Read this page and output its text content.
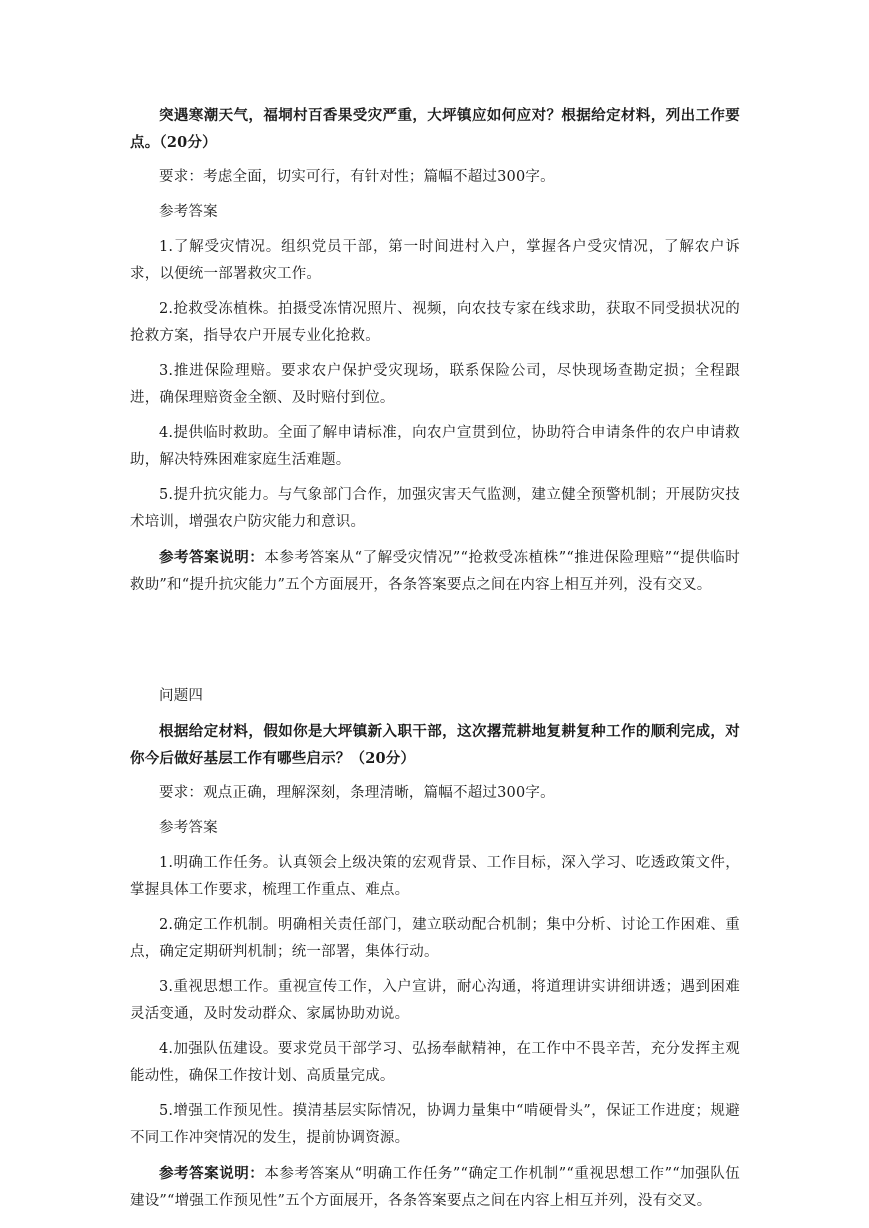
突遇寒潮天气，福垌村百香果受灾严重，大坪镇应如何应对？根据给定材料，列出工作要点。（20分）

要求：考虑全面，切实可行，有针对性；篇幅不超过300字。

参考答案

1.了解受灾情况。组织党员干部，第一时间进村入户，掌握各户受灾情况，了解农户诉求，以便统一部署救灾工作。

2.抢救受冻植株。拍摄受冻情况照片、视频，向农技专家在线求助，获取不同受损状况的抢救方案，指导农户开展专业化抢救。

3.推进保险理赔。要求农户保护受灾现场，联系保险公司，尽快现场查勘定损；全程跟进，确保理赔资金全额、及时赔付到位。

4.提供临时救助。全面了解申请标准，向农户宣贯到位，协助符合申请条件的农户申请救助，解决特殊困难家庭生活难题。

5.提升抗灾能力。与气象部门合作，加强灾害天气监测，建立健全预警机制；开展防灾技术培训，增强农户防灾能力和意识。

参考答案说明：本参考答案从“了解受灾情况”“抢救受冻植株”“推进保险理赔”“提供临时救助”和“提升抗灾能力”五个方面展开，各条答案要点之间在内容上相互并列，没有交叉。

问题四

根据给定材料，假如你是大坪镇新入职干部，这次撂荒耕地复耕复种工作的顺利完成，对你今后做好基层工作有哪些启示？（20分）

要求：观点正确，理解深刻，条理清晰，篇幅不超过300字。

参考答案

1.明确工作任务。认真领会上级决策的宏观背景、工作目标，深入学习、吃透政策文件，掌握具体工作要求，梳理工作重点、难点。

2.确定工作机制。明确相关责任部门，建立联动配合机制；集中分析、讨论工作困难、重点，确定定期研判机制；统一部署，集体行动。

3.重视思想工作。重视宣传工作，入户宣讲，耐心沟通，将道理讲实讲细讲透；遇到困难灵活变通，及时发动群众、家属协助劝说。

4.加强队伍建设。要求党员干部学习、弘扬奉献精神，在工作中不畏辛苦，充分发挥主观能动性，确保工作按计划、高质量完成。

5.增强工作预见性。摸清基层实际情况，协调力量集中“啃硬骨头”，保证工作进度；规避不同工作冲突情况的发生，提前协调资源。

参考答案说明：本参考答案从“明确工作任务”“确定工作机制”“重视思想工作”“加强队伍建设”“增强工作预见性”五个方面展开，各条答案要点之间在内容上相互并列，没有交叉。
